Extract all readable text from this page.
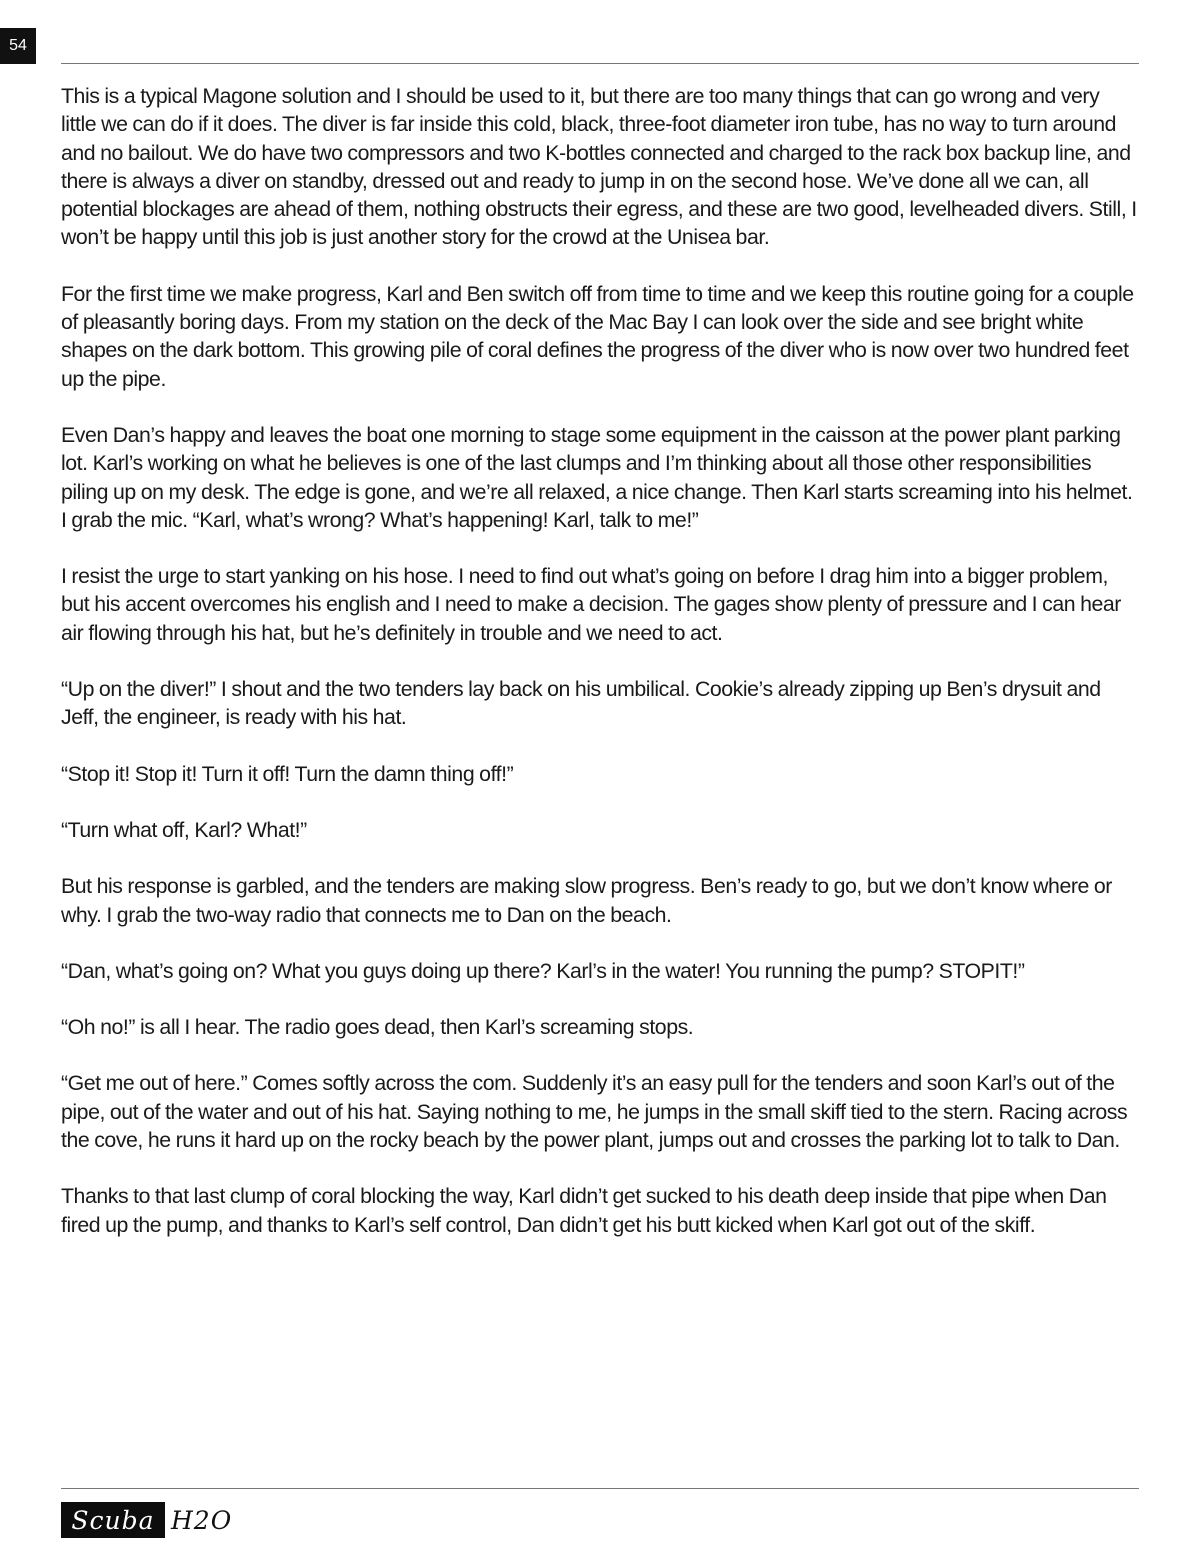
54

This is a typical Magone solution and I should be used to it, but there are too many things that can go wrong and very little we can do if it does. The diver is far inside this cold, black, three-foot diameter iron tube, has no way to turn around and no bailout. We do have two compressors and two K-bottles connected and charged to the rack box backup line, and there is always a diver on standby, dressed out and ready to jump in on the second hose. We’ve done all we can, all potential blockages are ahead of them, nothing obstructs their egress, and these are two good, levelheaded divers. Still, I won’t be happy until this job is just another story for the crowd at the Unisea bar.

For the first time we make progress, Karl and Ben switch off from time to time and we keep this routine going for a couple of pleasantly boring days. From my station on the deck of the Mac Bay I can look over the side and see bright white shapes on the dark bottom. This growing pile of coral defines the progress of the diver who is now over two hundred feet up the pipe.

Even Dan’s happy and leaves the boat one morning to stage some equipment in the caisson at the power plant parking lot. Karl’s working on what he believes is one of the last clumps and I’m thinking about all those other responsibilities piling up on my desk. The edge is gone, and we’re all relaxed, a nice change. Then Karl starts screaming into his helmet. I grab the mic. “Karl, what’s wrong? What’s happening! Karl, talk to me!”

I resist the urge to start yanking on his hose. I need to find out what’s going on before I drag him into a bigger problem, but his accent overcomes his english and I need to make a decision. The gages show plenty of pressure and I can hear air flowing through his hat, but he’s definitely in trouble and we need to act.

“Up on the diver!” I shout and the two tenders lay back on his umbilical. Cookie’s already zipping up Ben’s drysuit and Jeff, the engineer, is ready with his hat.

“Stop it! Stop it! Turn it off! Turn the damn thing off!”

“Turn what off, Karl? What!”

But his response is garbled, and the tenders are making slow progress. Ben’s ready to go, but we don’t know where or why. I grab the two-way radio that connects me to Dan on the beach.

“Dan, what’s going on? What you guys doing up there? Karl’s in the water! You running the pump? STOPIT!”

“Oh no!” is all I hear. The radio goes dead, then Karl’s screaming stops.

“Get me out of here.” Comes softly across the com. Suddenly it’s an easy pull for the tenders and soon Karl’s out of the pipe, out of the water and out of his hat. Saying nothing to me, he jumps in the small skiff tied to the stern. Racing across the cove, he runs it hard up on the rocky beach by the power plant, jumps out and crosses the parking lot to talk to Dan.

Thanks to that last clump of coral blocking the way, Karl didn’t get sucked to his death deep inside that pipe when Dan fired up the pump, and thanks to Karl’s self control, Dan didn’t get his butt kicked when Karl got out of the skiff.

Scuba H2O
